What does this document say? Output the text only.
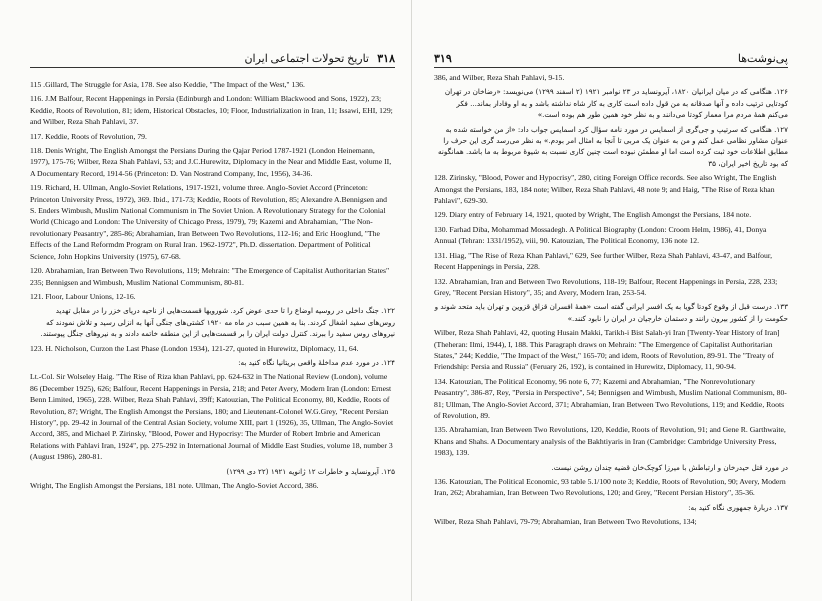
تاریخ تحولات اجتماعی ایران ۳۱۸

115 .Gillard, The Struggle for Asia, 178. See also Keddie, "The Impact of the West," 136.

116. J.M Balfour, Recent Happenings in Persia (Edinburgh and London: William Blackwood and Sons, 1922), 23; Keddie, Roots of Revolution, 81; idem, Historical Obstacles, 10; Floor, Industrialization in Iran, 11; Issawi, EHI, 129; and Wilber, Reza Shah Pahlavi, 37.

117. Keddie, Roots of Revolution, 79.

118. Denis Wright, The English Amongst the Persians During the Qajar Period 1787-1921 (London Heinemann, 1977), 175-76; Wilber, Reza Shah Pahlavi, 53; and J.C.Hurewitz, Diplomacy in the Near and Middle East, volume II, A Documentary Record, 1914-56 (Princeton: D. Van Nostrand Company, Inc, 1956), 34-36.

119. Richard, H. Ullman, Anglo-Soviet Relations, 1917-1921, volume three. Anglo-Soviet Accord (Princeton: Princeton University Press, 1972), 369. Ibid., 171-73; Keddie, Roots of Revolution, 85; Alexandre A.Bennigsen and S. Enders Wimbush, Muslim National Communism in The Soviet Union. A Revolutionary Strategy for the Colonial World (Chicago and London: The University of Chicago Press, 1979), 79; Kazemi and Abrahamian, "The Non-revolutionary Peasantry", 285-86; Abrahamian, Iran Between Two Revolutions, 112-16; and Eric Hooglund, "The Effects of the Land Reformdm Program on Rural Iran. 1962-1972", Ph.D. dissertation. Department of Political Science, John Hopkins University (1975), 67-68.

120. Abrahamian, Iran Between Two Revolutions, 119; Mehrain: "The Emergence of Capitalist Authoritarian States" 235; Bennigsen and Wimbush, Muslim National Communism, 80-81.

121. Floor, Labour Unions, 12-16.

۱۲۲. جنگ داخلی در روسیه اوضاع را تا حدی عوض کرد. شورویها قسمت‌هایی از ناحیه دریای خزر را در مقابل تهدید روس‌های سفید اشغال کردند. بنا به همین سبب در ماه مه ۱۹۲۰ کشتی‌های جنگی آنها به انزلی رسید و تلاش نمودند که نیروهای روس سفید را ببرند. کنترل دولت ایران را بر قسمت‌هایی از این منطقه خاتمه دادند و به نیروهای جنگل پیوستند.

123. H. Nicholson, Curzon the Last Phase (London 1934), 121-27, quoted in Hurewitz, Diplomacy, 11, 64.

۱۲۴. در مورد عدم مداخلهٔ واقعی بریتانیا نگاه کنید به:

Lt.-Col. Sir Wolseley Haig. "The Rise of Riza khan Pahlavi, pp. 624-632 in The National Review (London), volume 86 (December 1925), 626; Balfour, Recent Happenings in Persia, 218; and Peter Avery, Modern Iran (London: Ernest Benn Limited, 1965), 228. Wilber, Reza Shah Pahlavi, 39ff; Katouzian, The Political Economy, 80, Keddie, Roots of Revolution, 87; Wright, The English Amongst the Persians, 180; and Lieutenant-Colonel W.G.Grey, "Recent Persian History", pp. 29-42 in Journal of the Central Asian Society, volume XIII, part 1 (1926), 35, Ullman, The Anglo-Soviet Accord, 385, and Michael P. Zirinsky, "Blood, Power and Hypocrisy: The Murder of Robert Imbrie and American Relations with Pahlavi Iran, 1924", pp. 275-292 in International Journal of Middle East Studies, volume 18, number 3 (August 1986), 280-81.

۱۲۵. آیرونساید و خاطرات ۱۲ ژانویه ۱۹۲۱ (۲۲ دی ۱۲۹۹)

Wright, The English Amongst the Persians, 181 note. Ullman, The Anglo-Soviet Accord, 386.

۳۱۹	پی‌نوشت‌ها

386, and Wilber, Reza Shah Pahlavi, 9-15.

۱۲۶. هنگامی که در میان ایرانیان ۱۸۲۰، آیرونساید در ۲۳ نوامبر ۱۹۲۱ (۲ اسفند ۱۲۹۹) می‌نویسد: «رضاخان در تهران کودتایی ترتیب داده و آنها صدقانه به من قول داده است کاری به کار شاه نداشته باشد و به او وفادار بماند... فکر می‌کنم همهٔ مردم مرا معمار کودتا می‌دانند و به نظر خود همین طور هم بوده است.»

۱۲۷. هنگامی که سرتیپ و جی‌گری از اسمایس در مورد نامه سؤال کرد اسمایس جواب داد: «از من خواسته شده به عنوان مشاور نظامی عمل کنم و من به عنوان یک مربی تا آنجا به امثال امر بودم.» به نظر می‌رسد گری این حرف را مطابق اطلاعات خود ثبت کرده است اما او مطمئن نبوده است چنین کاری نسبت به شیوهٔ مربوط به ما باشد. همانگونه که بود تاریخ اخیر ایران، ۳۵

128. Zirinsky, "Blood, Power and Hypocrisy", 280, citing Foreign Office records. See also Wright, The English Amongst the Persians, 183, 184 note; Wilber, Reza Shah Pahlavi, 48 note 9; and Haig, "The Rise of Reza khan Pahlavi", 629-30.

129. Diary entry of February 14, 1921, quoted by Wright, The English Amongst the Persians, 184 note.

130. Farhad Diba, Mohammad Mossadegh. A Political Biography (London: Croom Helm, 1986), 41, Donya Annual (Tehran: 1331/1952), viii, 90. Katouzian, The Political Economy, 136 note 12.

131. Hiag, "The Rise of Reza Khan Pahlavi," 629, See further Wilber, Reza Shah Pahlavi, 43-47, and Balfour, Recent Happenings in Persia, 228.

132. Abrahamian, Iran and Between Two Revolutions, 118-19; Balfour, Recent Happenings in Persia, 228, 233; Grey, "Recent Persian History", 35; and Avery, Modern Iran, 253-54.

۱۳۳. درست قبل از وقوع کودتا گویا به یک افسر ایرانی گفته است «همهٔ افسران قزاق قزوین و تهران باید متحد شوند و حکومت را از کشور بیرون رانند و دستمان خارجیان در ایران را نابود کنند.»

Wilber, Reza Shah Pahlavi, 42, quoting Husain Makki, Tarikh-i Bist Salah-yi Iran [Twenty-Year History of Iran] (Theheran: Ilmi, 1944), I, 188. This Paragraph draws on Mehrain: "The Emergence of Capitalist Authoritarian States," 244; Keddie, "The Impact of the West," 165-70; and idem, Roots of Revolution, 89-91. The "Treaty of Friendship: Persia and Russia" (Feruary 26, 192), is contained in Hurewitz, Diplomacy, 11, 90-94.

134. Katouzian, The Political Economy, 96 note 6, 77; Kazemi and Abrahamian, "The Nonrevolutionary Peasantry", 386-87, Rey, "Persia in Perspective", 54; Bennigsen and Wimbush, Muslim National Communism, 80-81; Ullman, The Anglo-Soviet Accord, 371; Abrahamian, Iran Between Two Revolutions, 119; and Keddie, Roots of Revolution, 89.

135. Abrahamian, Iran Between Two Revolutions, 120, Keddie, Roots of Revolution, 91; and Gene R. Garthwaite, Khans and Shahs. A Documentary analysis of the Bakhtiyaris in Iran (Cambridge: Cambridge University Press, 1983), 139.

در مورد قتل حیدرخان و ارتباطش با میرزا کوچک‌خان قضیه چندان روشن نیست.

136. Katouzian, The Political Economic, 93 table 5.1/100 note 3; Keddie, Roots of Revolution, 90; Avery, Modern Iran, 262; Abrahamian, Iran Between Two Revolutions, 120; and Grey, "Recent Persian History", 35-36.

۱۳۷. دربارهٔ جمهوری نگاه کنید به:

Wilber, Reza Shah Pahlavi, 79-79; Abrahamian, Iran Between Two Revolutions, 134;
